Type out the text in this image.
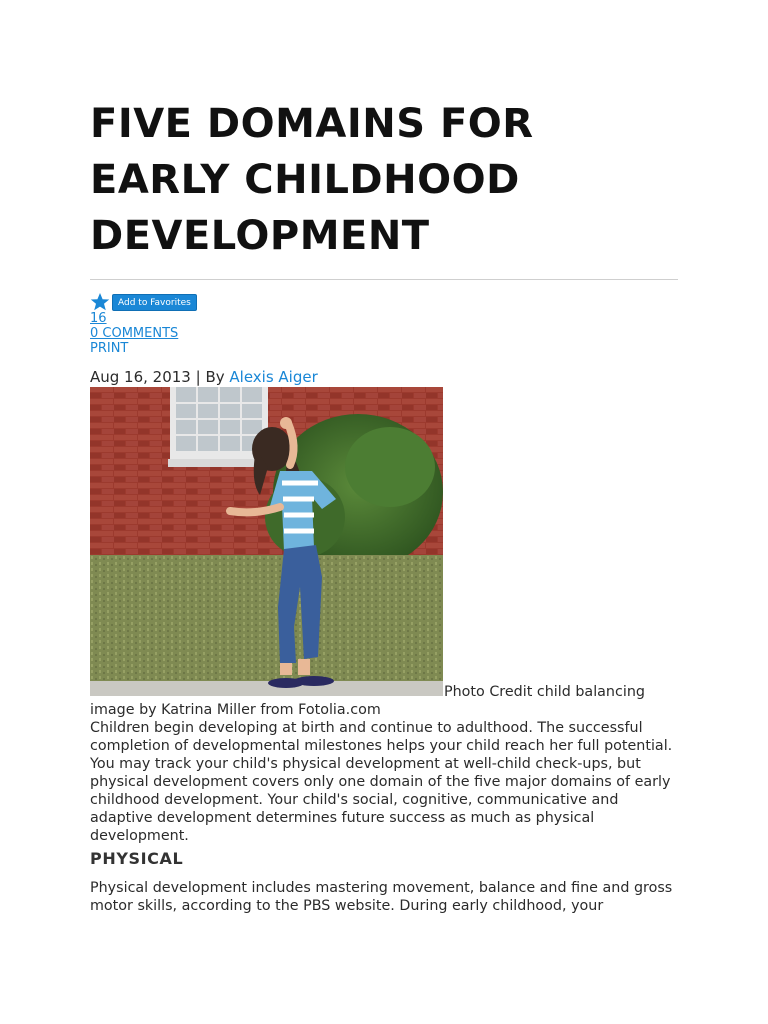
FIVE DOMAINS FOR EARLY CHILDHOOD DEVELOPMENT
Add to Favorites
16
0 COMMENTS
PRINT
Aug 16, 2013 | By Alexis Aiger
Photo Credit child balancing image by Katrina Miller from Fotolia.com

Children begin developing at birth and continue to adulthood. The successful completion of developmental milestones helps your child reach her full potential. You may track your child's physical development at well-child check-ups, but physical development covers only one domain of the five major domains of early childhood development. Your child's social, cognitive, communicative and adaptive development determines future success as much as physical development.

PHYSICAL

Physical development includes mastering movement, balance and fine and gross motor skills, according to the PBS website. During early childhood, your
